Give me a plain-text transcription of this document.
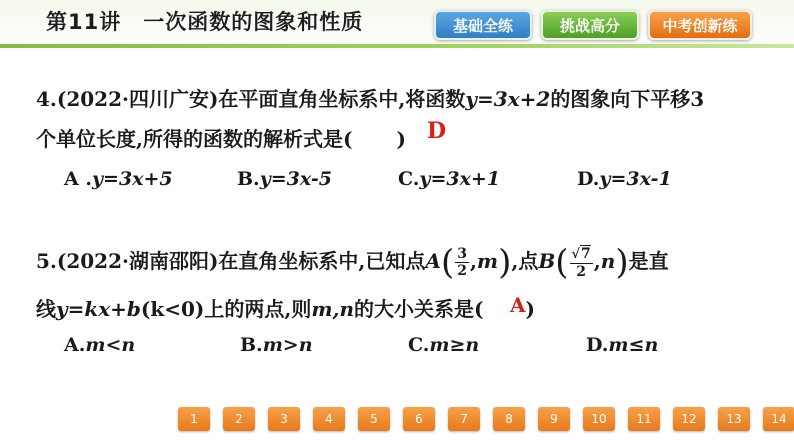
第11讲 一次函数的图象和性质	基础全练	挑战高分	中考创新练
4.(2022·四川广安)在平面直角坐标系中,将函数y=3x+2的图象向下平移3
个单位长度,所得的函数的解析式是( ) D
A .y=3x+5	B.y=3x-5	C.y=3x+1	D.y=3x-1
5.(2022·湖南邵阳)在直角坐标系中,已知点$A( \frac{3}{2} ,m)$,点$B( \frac{√7}{2} ,n)$是直
线y=kx+b(k<0)上的两点,则m,n的大小关系是( )
A
A.m<n	B.m>n	C.m≥n	D.m≤n
1	2	3	4	5	6	7	8	9	10	11	12	13	14
